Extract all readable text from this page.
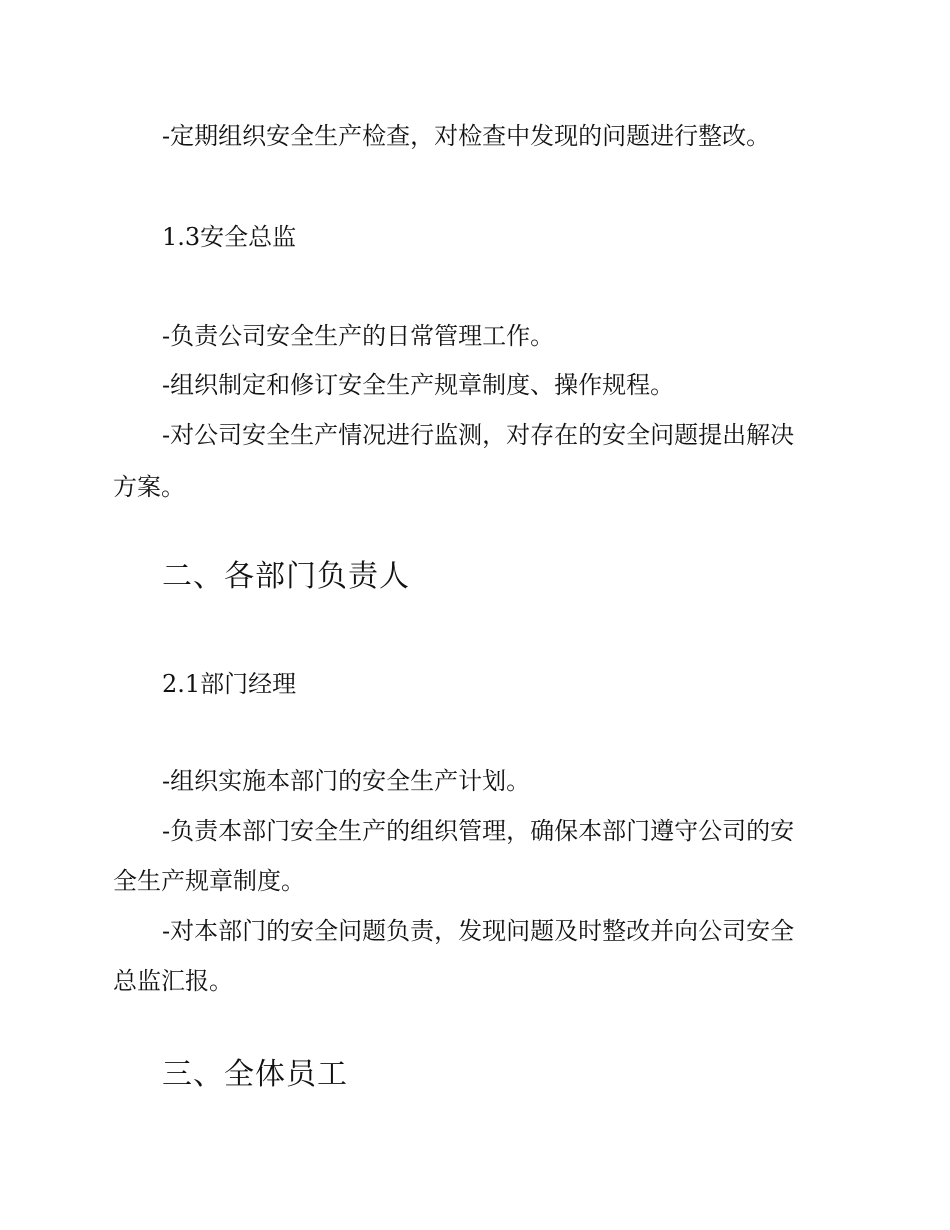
-定期组织安全生产检查，对检查中发现的问题进行整改。
1.3安全总监
-负责公司安全生产的日常管理工作。
-组织制定和修订安全生产规章制度、操作规程。
-对公司安全生产情况进行监测，对存在的安全问题提出解决
方案。
二、各部门负责人
2.1部门经理
-组织实施本部门的安全生产计划。
-负责本部门安全生产的组织管理，确保本部门遵守公司的安
全生产规章制度。
-对本部门的安全问题负责，发现问题及时整改并向公司安全
总监汇报。
三、全体员工
